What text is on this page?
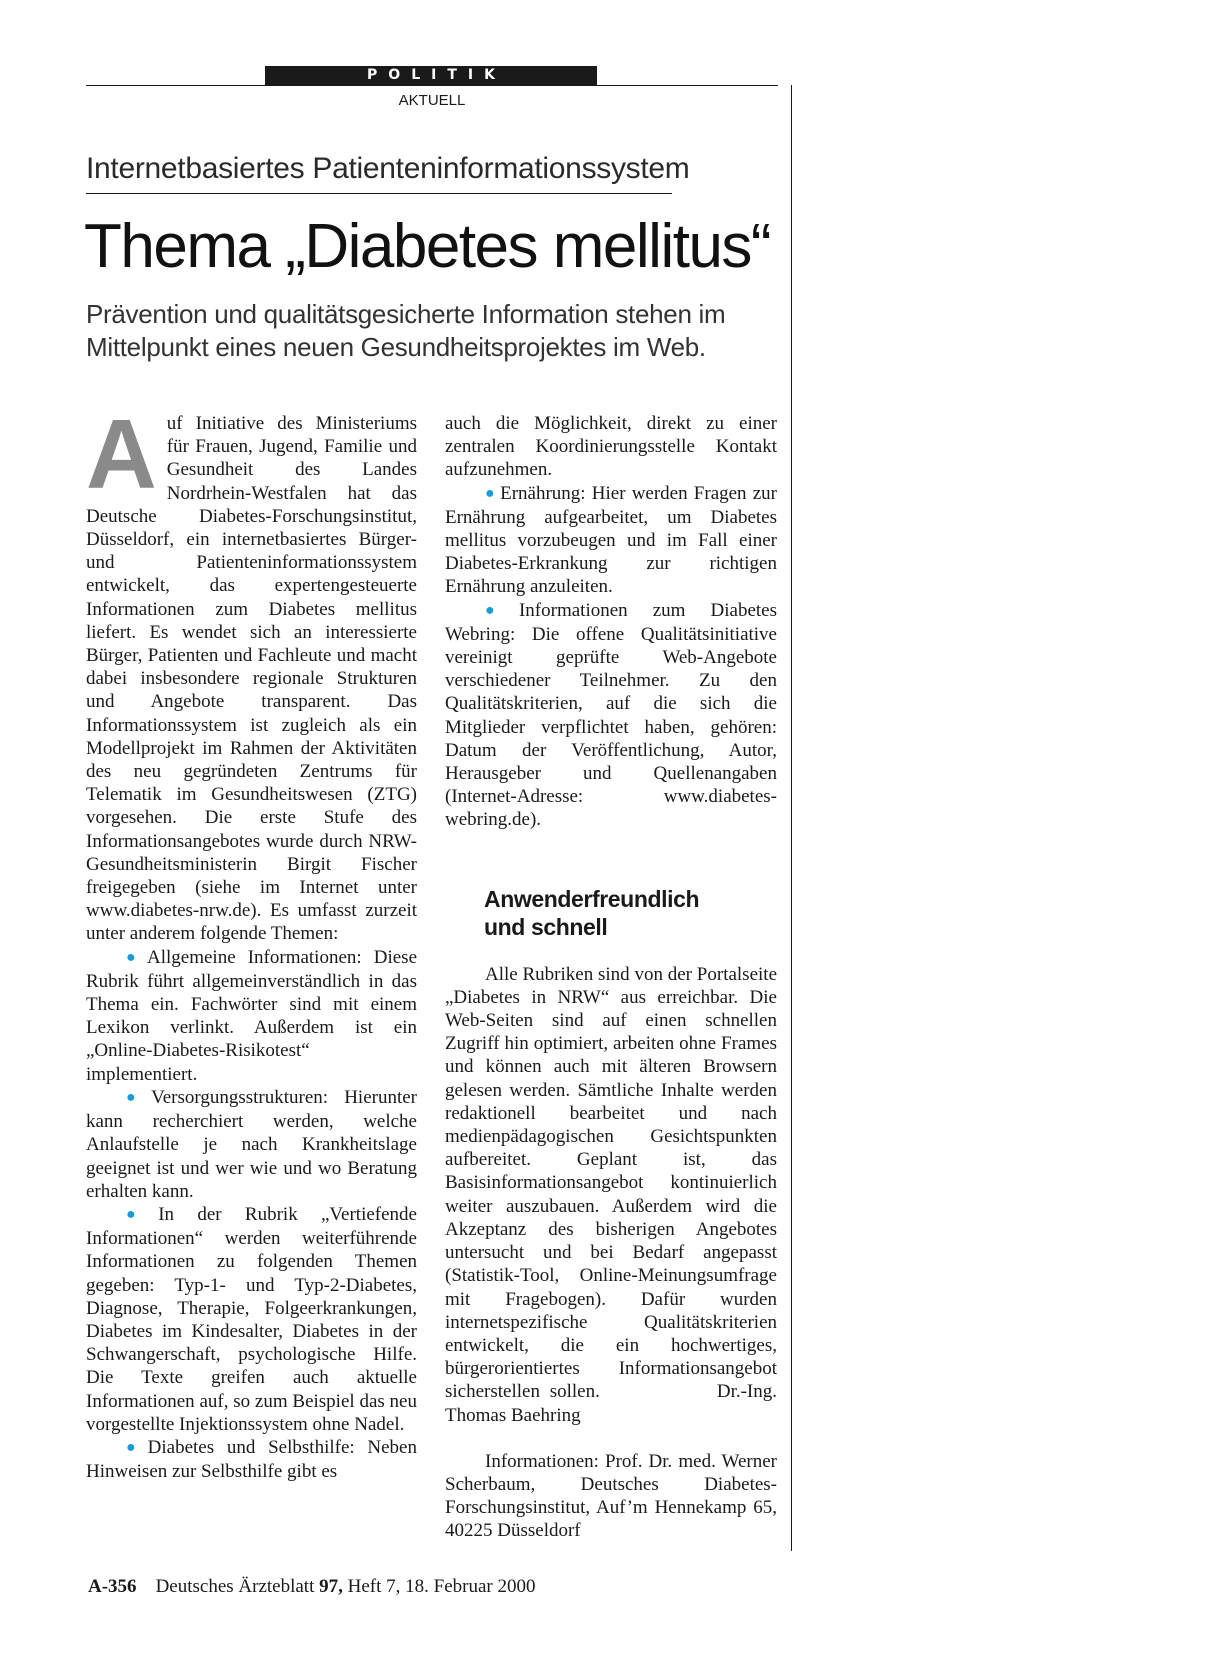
POLITIK
AKTUELL
Internetbasiertes Patienteninformationssystem
Thema „Diabetes mellitus“
Prävention und qualitätsgesicherte Information stehen im Mittelpunkt eines neuen Gesundheitsprojektes im Web.

Auf Initiative des Ministeriums für Frauen, Jugend, Familie und Gesundheit des Landes Nordrhein-Westfalen hat das Deutsche Diabetes-Forschungsinstitut, Düsseldorf, ein internetbasiertes Bürger- und Patienteninformationssystem entwickelt, das expertengesteuerte Informationen zum Diabetes mellitus liefert. Es wendet sich an interessierte Bürger, Patienten und Fachleute und macht dabei insbesondere regionale Strukturen und Angebote transparent. Das Informationssystem ist zugleich als ein Modellprojekt im Rahmen der Aktivitäten des neu gegründeten Zentrums für Telematik im Gesundheitswesen (ZTG) vorgesehen. Die erste Stufe des Informationsangebotes wurde durch NRW-Gesundheitsministerin Birgit Fischer freigegeben (siehe im Internet unter www.diabetes-nrw.de). Es umfasst zurzeit unter anderem folgende Themen:

● Allgemeine Informationen: Diese Rubrik führt allgemeinverständlich in das Thema ein. Fachwörter sind mit einem Lexikon verlinkt. Außerdem ist ein „Online-Diabetes-Risikotest“ implementiert.

● Versorgungsstrukturen: Hierunter kann recherchiert werden, welche Anlaufstelle je nach Krankheitslage geeignet ist und wer wie und wo Beratung erhalten kann.

● In der Rubrik „Vertiefende Informationen“ werden weiterführende Informationen zu folgenden Themen gegeben: Typ-1- und Typ-2-Diabetes, Diagnose, Therapie, Folgeerkrankungen, Diabetes im Kindesalter, Diabetes in der Schwangerschaft, psychologische Hilfe. Die Texte greifen auch aktuelle Informationen auf, so zum Beispiel das neu vorgestellte Injektionssystem ohne Nadel.

● Diabetes und Selbsthilfe: Neben Hinweisen zur Selbsthilfe gibt es

auch die Möglichkeit, direkt zu einer zentralen Koordinierungsstelle Kontakt aufzunehmen.

● Ernährung: Hier werden Fragen zur Ernährung aufgearbeitet, um Diabetes mellitus vorzubeugen und im Fall einer Diabetes-Erkrankung zur richtigen Ernährung anzuleiten.

● Informationen zum Diabetes Webring: Die offene Qualitätsinitiative vereinigt geprüfte Web-Angebote verschiedener Teilnehmer. Zu den Qualitätskriterien, auf die sich die Mitglieder verpflichtet haben, gehören: Datum der Veröffentlichung, Autor, Herausgeber und Quellenangaben (Internet-Adresse: www.diabetes-webring.de).

Anwenderfreundlich
und schnell

Alle Rubriken sind von der Portalseite „Diabetes in NRW“ aus erreichbar. Die Web-Seiten sind auf einen schnellen Zugriff hin optimiert, arbeiten ohne Frames und können auch mit älteren Browsern gelesen werden. Sämtliche Inhalte werden redaktionell bearbeitet und nach medienpädagogischen Gesichtspunkten aufbereitet. Geplant ist, das Basisinformationsangebot kontinuierlich weiter auszubauen. Außerdem wird die Akzeptanz des bisherigen Angebotes untersucht und bei Bedarf angepasst (Statistik-Tool, Online-Meinungsumfrage mit Fragebogen). Dafür wurden internetspezifische Qualitätskriterien entwickelt, die ein hochwertiges, bürgerorientiertes Informationsangebot sicherstellen sollen.	Dr.-Ing. Thomas Baehring

Informationen: Prof. Dr. med. Werner Scherbaum, Deutsches Diabetes-Forschungsinstitut, Auf’m Hennekamp 65, 40225 Düsseldorf

A-356 Deutsches Ärzteblatt 97, Heft 7, 18. Februar 2000
